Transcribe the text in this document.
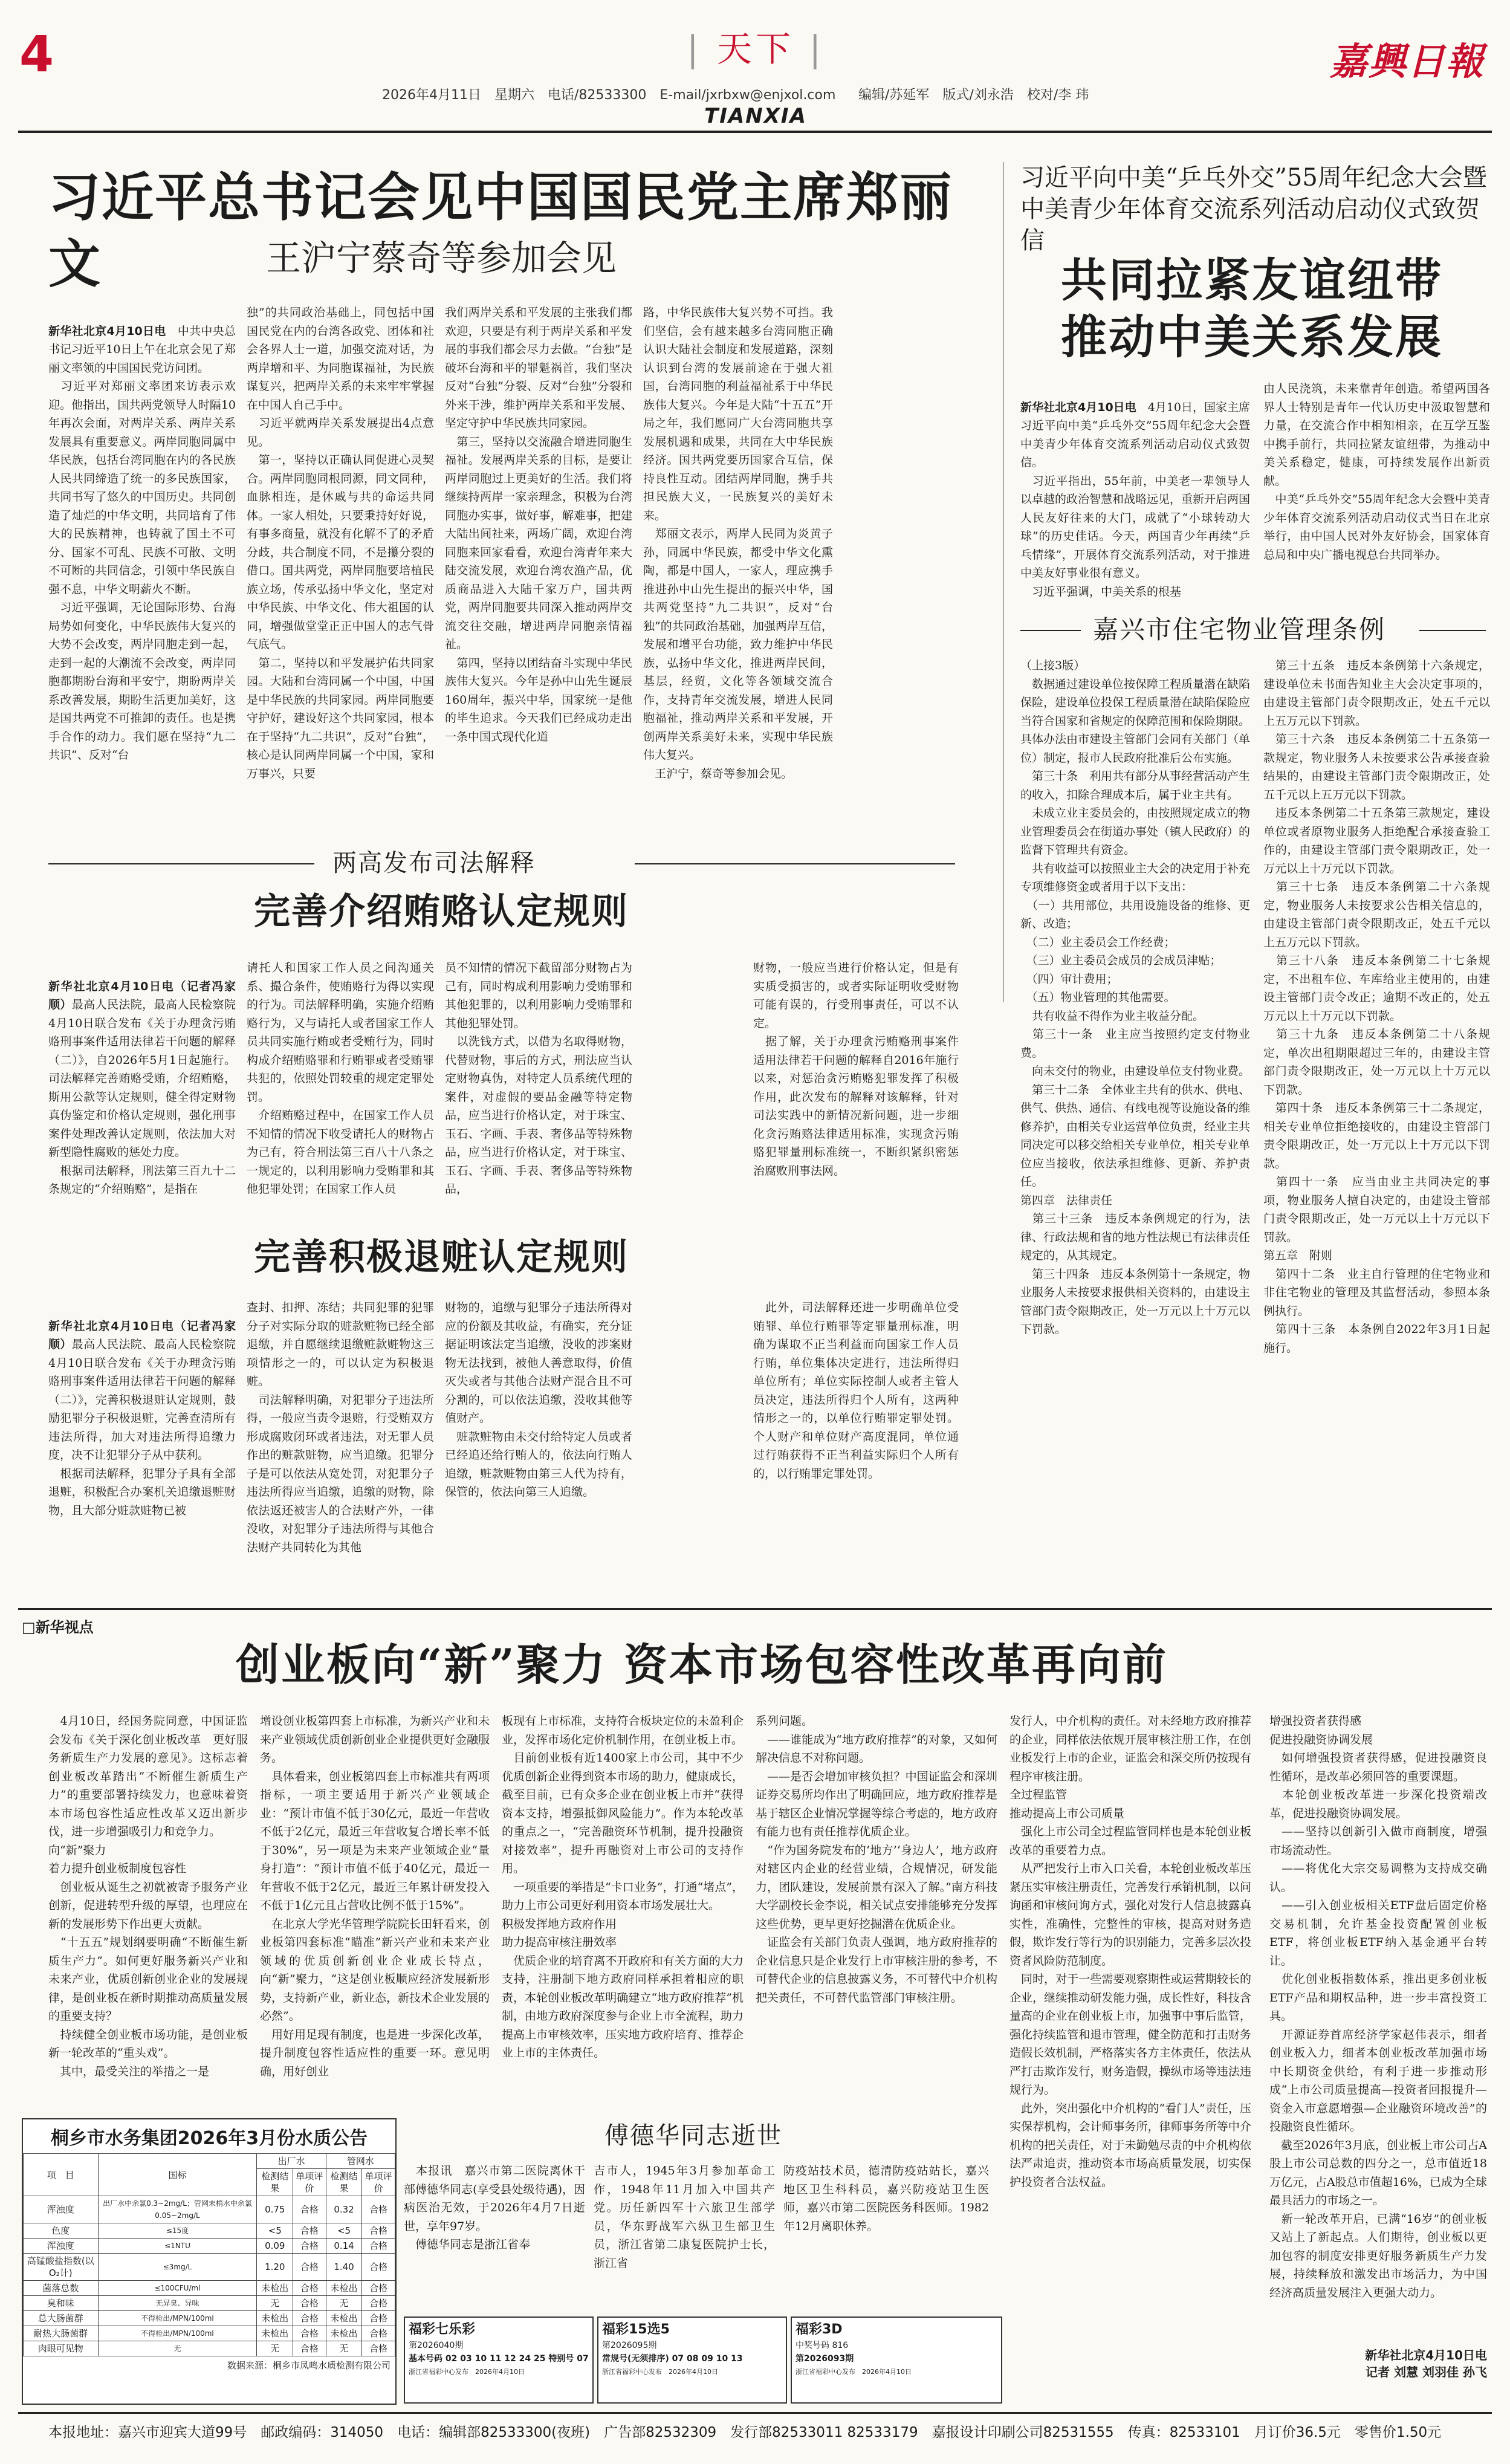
4	| 天下 |
2026年4月11日　星期六　电话/82533300　E-mail/jxrbxw@enjxol.com 编辑/苏延军　版式/刘永浩　校对/李 玮
TIANXIA
嘉興日報
习近平总书记会见中国国民党主席郑丽文	王沪宁蔡奇等参加会见

新华社北京4月10日电　中共中央总书记习近平10日上午在北京会见了郑丽文率领的中国国民党访问团。
　习近平对郑丽文率团来访表示欢迎。他指出，国共两党领导人时隔10年再次会面，对两岸关系、两岸关系发展具有重要意义。两岸同胞同属中华民族，包括台湾同胞在内的各民族人民共同缔造了统一的多民族国家，共同书写了悠久的中国历史。共同创造了灿烂的中华文明，共同培育了伟大的民族精神，也铸就了国土不可分、国家不可乱、民族不可散、文明不可断的共同信念，引领中华民族自强不息，中华文明薪火不断。
　习近平强调，无论国际形势、台海局势如何变化，中华民族伟大复兴的大势不会改变，两岸同胞走到一起，走到一起的大潮流不会改变，两岸同胞都期盼台海和平安宁，期盼两岸关系改善发展，期盼生活更加美好，这是国共两党不可推卸的责任。也是携手合作的动力。我们愿在坚持“九二共识”、反对“台
独”的共同政治基础上，同包括中国国民党在内的台湾各政党、团体和社会各界人士一道，加强交流对话，为两岸增和平、为同胞谋福祉，为民族谋复兴，把两岸关系的未来牢牢掌握在中国人自己手中。
　习近平就两岸关系发展提出4点意见。
　第一，坚持以正确认同促进心灵契合。两岸同胞同根同源，同文同种，血脉相连，是休戚与共的命运共同体。一家人相处，只要秉持好好说，有事多商量，就没有化解不了的矛盾分歧，共合制度不同，不是攥分裂的借口。国共两党，两岸同胞要培植民族立场，传承弘扬中华文化，坚定对中华民族、中华文化、伟大祖国的认同，增强做堂堂正正中国人的志气骨气底气。
　第二，坚持以和平发展护佑共同家园。大陆和台湾同属一个中国，中国是中华民族的共同家园。两岸同胞要守护好，建设好这个共同家园，根本在于坚持“九二共识”，反对“台独”，核心是认同两岸同属一个中国，家和万事兴，只要
我们两岸关系和平发展的主张我们都欢迎，只要是有利于两岸关系和平发展的事我们都会尽力去做。“台独”是破坏台海和平的罪魁祸首，我们坚决反对“台独”分裂、反对“台独”分裂和外来干涉，维护两岸关系和平发展、坚定守护中华民族共同家园。
　第三，坚持以交流融合增进同胞生福祉。发展两岸关系的目标，是要让两岸同胞过上更美好的生活。我们将继续持两岸一家亲理念，积极为台湾同胞办实事，做好事，解难事，把建大陆出间社来，两场广阔，欢迎台湾同胞来回家看看，欢迎台湾青年来大陆交流发展，欢迎台湾农渔产品，优质商品进入大陆千家万户，国共两党，两岸同胞要共同深入推动两岸交流交往交融，增进两岸同胞亲情福祉。
　第四，坚持以团结奋斗实现中华民族伟大复兴。今年是孙中山先生诞辰160周年，振兴中华，国家统一是他的毕生追求。今天我们已经成功走出一条中国式现代化道
路，中华民族伟大复兴势不可挡。我们坚信，会有越来越多台湾同胞正确认识大陆社会制度和发展道路，深刻认识到台湾的发展前途在于强大祖国，台湾同胞的利益福祉系于中华民族伟大复兴。今年是大陆“十五五”开局之年，我们愿同广大台湾同胞共享发展机遇和成果，共同在大中华民族经济。国共两党要历国家合互信，保持良性互动。团结两岸同胞，携手共担民族大义，一民族复兴的美好未来。
　郑丽文表示，两岸人民同为炎黄子孙，同属中华民族，都受中华文化熏陶，都是中国人，一家人，理应携手推进孙中山先生提出的振兴中华，国共两党坚持“九二共识”，反对“台独”的共同政治基础，加强两岸互信，发展和增平台功能，致力维护中华民族，弘扬中华文化，推进两岸民间，基层，经贸，文化等各领域交流合作，支持青年交流发展，增进人民同胞福祉，推动两岸关系和平发展，开创两岸关系美好未来，实现中华民族伟大复兴。
　王沪宁，蔡奇等参加会见。
习近平向中美“乒乓外交”55周年纪念大会暨中美青少年体育交流系列活动启动仪式致贺信
共同拉紧友谊纽带
推动中美关系发展

新华社北京4月10日电　4月10日，国家主席习近平向中美“乒乓外交”55周年纪念大会暨中美青少年体育交流系列活动启动仪式致贺信。
　习近平指出，55年前，中美老一辈领导人以卓越的政治智慧和战略远见，重新开启两国人民友好往来的大门，成就了“小球转动大球”的历史佳话。今天，两国青少年再续“乒乓情缘”，开展体育交流系列活动，对于推进中美友好事业很有意义。
　习近平强调，中美关系的根基
由人民浇筑，未来靠青年创造。希望两国各界人士特别是青年一代认历史中汲取智慧和力量，在交流合作中相知相亲，在互学互鉴中携手前行，共同拉紧友谊纽带，为推动中美关系稳定，健康，可持续发展作出新贡献。
　中美“乒乓外交”55周年纪念大会暨中美青少年体育交流系列活动启动仪式当日在北京举行，由中国人民对外友好协会，国家体育总局和中央广播电视总台共同举办。
两高发布司法解释
完善介绍贿赂认定规则

新华社北京4月10日电（记者冯家顺）最高人民法院，最高人民检察院4月10日联合发布《关于办理贪污贿赂刑事案件适用法律若干问题的解释（二）》，自2026年5月1日起施行。司法解释完善贿赂受贿，介绍贿赂，斯用公款等认定规则，健全得定财物真伪鉴定和价格认定规则，强化刑事案件处理改善认定规则，依法加大对新型隐性腐败的惩处力度。
　根据司法解释，刑法第三百九十二条规定的“介绍贿赂”，是指在
请托人和国家工作人员之间沟通关系、撮合条件，使贿赂行为得以实现的行为。司法解释明确，实施介绍贿赂行为，又与请托人或者国家工作人员共同实施行贿或者受贿行为，同时构成介绍贿赂罪和行贿罪或者受贿罪共犯的，依照处罚较重的规定定罪处罚。
　介绍贿赂过程中，在国家工作人员不知情的情况下收受请托人的财物占为己有，符合刑法第三百八十八条之一规定的，以利用影响力受贿罪和其他犯罪处罚；在国家工作人员
员不知情的情况下截留部分财物占为己有，同时构成利用影响力受贿罪和其他犯罪的，以利用影响力受贿罪和其他犯罪处罚。
　以洗钱方式，以借为名取得财物，代替财物，事后的方式，刑法应当认定财物真伪，对特定人员系统代理的案件，对虚假的要品金融等特定物品，应当进行价格认定，对于珠宝、玉石、字画、手表、奢侈品等特殊物品，应当进行价格认定，对于珠宝、玉石、字画、手表、奢侈品等特殊物品，
财物，一般应当进行价格认定，但是有实质受损害的，或者实际证明收受财物可能有误的，行受刑事责任，可以不认定。
　据了解，关于办理贪污贿赂刑事案件适用法律若干问题的解释自2016年施行以来，对惩治贪污贿赂犯罪发挥了积极作用，此次发布的解释对该解释，针对司法实践中的新情况新问题，进一步细化贪污贿赂法律适用标准，实现贪污贿赂犯罪量刑标准统一，不断织紧织密惩治腐败刑事法网。
完善积极退赃认定规则

新华社北京4月10日电（记者冯家顺）最高人民法院、最高人民检察院4月10日联合发布《关于办理贪污贿赂刑事案件适用法律若干问题的解释（二）》，完善积极退赃认定规则，鼓励犯罪分子积极退赃，完善查清所有违法所得，加大对违法所得追缴力度，决不让犯罪分子从中获利。
　根据司法解释，犯罪分子具有全部退赃，积极配合办案机关追缴退赃财物，且大部分赃款赃物已被
查封、扣押、冻结；共同犯罪的犯罪分子对实际分取的赃款赃物已经全部退缴，并自愿继续退缴赃款赃物这三项情形之一的，可以认定为积极退赃。
　司法解释明确，对犯罪分子违法所得，一般应当责令退赔，行受贿双方形成腐败闭环或者违法，对无罪人员作出的赃款赃物，应当追缴。犯罪分子是可以依法从宽处罚，对犯罪分子违法所得应当追缴，追缴的财物，除依法返还被害人的合法财产外，一律没收，对犯罪分子违法所得与其他合法财产共同转化为其他
财物的，追缴与犯罪分子违法所得对应的份额及其收益，有确实，充分证据证明该法定当追缴，没收的涉案财物无法找到，被他人善意取得，价值灭失或者与其他合法财产混合且不可分割的，可以依法追缴，没收其他等值财产。
　赃款赃物由未交付给特定人员或者已经追还给行贿人的，依法向行贿人追缴，赃款赃物由第三人代为持有，保管的，依法向第三人追缴。
　此外，司法解释还进一步明确单位受贿罪、单位行贿罪等定罪量刑标准，明确为谋取不正当利益而向国家工作人员行贿，单位集体决定进行，违法所得归单位所有；单位实际控制人或者主管人员决定，违法所得归个人所有，这两种情形之一的，以单位行贿罪定罪处罚。个人财产和单位财产高度混同，单位通过行贿获得不正当利益实际归个人所有的，以行贿罪定罪处罚。
嘉兴市住宅物业管理条例
（上接3版）
　数据通过建设单位按保障工程质量潜在缺陷保险，建设单位投保工程质量潜在缺陷保险应当符合国家和省规定的保障范围和保险期限。具体办法由市建设主管部门会同有关部门（单位）制定，报市人民政府批准后公布实施。
　第三十条　利用共有部分从事经营活动产生的收入，扣除合理成本后，属于业主共有。
　未成立业主委员会的，由按照规定成立的物业管理委员会在街道办事处（镇人民政府）的监督下管理共有资金。
　共有收益可以按照业主大会的决定用于补充专项维修资金或者用于以下支出：
　（一）共用部位，共用设施设备的维修、更新、改造；
　（二）业主委员会工作经费；
　（三）业主委员会成员的会成员津贴；
　（四）审计费用；
　（五）物业管理的其他需要。
　共有收益不得作为业主收益分配。
　第三十一条　业主应当按照约定支付物业费。
　向未交付的物业，由建设单位支付物业费。
　第三十二条　全体业主共有的供水、供电、供气、供热、通信、有线电视等设施设备的维修养护，由相关专业运营单位负责，经业主共同决定可以移交给相关专业单位，相关专业单位应当接收，依法承担维修、更新、养护责任。
第四章　法律责任
　第三十三条　违反本条例规定的行为，法律、行政法规和省的地方性法规已有法律责任规定的，从其规定。
　第三十四条　违反本条例第十一条规定，物业服务人未按要求报供相关资料的，由建设主管部门责令限期改正，处一万元以上十万元以下罚款。
　第三十五条　违反本条例第十六条规定，建设单位未书面告知业主大会决定事项的，由建设主管部门责令限期改正，处五千元以上五万元以下罚款。
　第三十六条　违反本条例第二十五条第一款规定，物业服务人未按要求公告承接查验结果的，由建设主管部门责令限期改正，处五千元以上五万元以下罚款。
　违反本条例第二十五条第三款规定，建设单位或者原物业服务人拒绝配合承接查验工作的，由建设主管部门责令限期改正，处一万元以上十万元以下罚款。
　第三十七条　违反本条例第二十六条规定，物业服务人未按要求公告相关信息的，由建设主管部门责令限期改正，处五千元以上五万元以下罚款。
　第三十八条　违反本条例第二十七条规定，不出租车位、车库给业主使用的，由建设主管部门责令改正；逾期不改正的，处五万元以上十万元以下罚款。
　第三十九条　违反本条例第二十八条规定，单次出租期限超过三年的，由建设主管部门责令限期改正，处一万元以上十万元以下罚款。
　第四十条　违反本条例第三十二条规定，相关专业单位拒绝接收的，由建设主管部门责令限期改正，处一万元以上十万元以下罚款。
　第四十一条　应当由业主共同决定的事项，物业服务人擅自决定的，由建设主管部门责令限期改正，处一万元以上十万元以下罚款。
第五章　附则
　第四十二条　业主自行管理的住宅物业和非住宅物业的管理及其监督活动，参照本条例执行。
　第四十三条　本条例自2022年3月1日起施行。
□新华视点
创业板向“新”聚力 资本市场包容性改革再向前
　4月10日，经国务院同意，中国证监会发布《关于深化创业板改革　更好服务新质生产力发展的意见》。这标志着创业板改革踏出“不断催生新质生产力”的重要部署持续发力，也意味着资本市场包容性适应性改革又迈出新步伐，进一步增强吸引力和竞争力。
向“新”聚力
着力提升创业板制度包容性
　创业板从诞生之初就被寄予服务产业创新，促进转型升级的厚望，也理应在新的发展形势下作出更大贡献。
　“十五五”规划纲要明确“不断催生新质生产力”。如何更好服务新兴产业和未来产业，优质创新创业企业的发展规律，是创业板在新时期推动高质量发展的重要支持？
　持续健全创业板市场功能，是创业板新一轮改革的“重头戏”。
　其中，最受关注的举措之一是
增设创业板第四套上市标准，为新兴产业和未来产业领域优质创新创业企业提供更好金融服务。
　具体看来，创业板第四套上市标准共有两项指标，一项主要适用于新兴产业领域企业：“预计市值不低于30亿元，最近一年营收不低于2亿元，最近三年营收复合增长率不低于30%”，另一项是为未来产业领域企业“量身打造”：“预计市值不低于40亿元，最近一年营收不低于2亿元，最近三年累计研发投入不低于1亿元且占营收比例不低于15%”。
　在北京大学光华管理学院院长田轩看来，创业板第四套标准“瞄准”新兴产业和未来产业领域的优质创新创业企业成长特点，向“新”聚力，“这是创业板顺应经济发展新形势，支持新产业，新业态，新技术企业发展的必然”。
　用好用足现有制度，也是进一步深化改革，提升制度包容性适应性的重要一环。意见明确，用好创业
板现有上市标准，支持符合板块定位的未盈利企业，发挥市场化定价机制作用，在创业板上市。
　目前创业板有近1400家上市公司，其中不少优质创新企业得到资本市场的助力，健康成长，截至目前，已有众多企业在创业板上市并“获得资本支持，增强抵御风险能力”。作为本轮改革的重点之一，“完善融资环节机制，提升投融资对接效率”，提升再融资对上市公司的支持作用。
　一项重要的举措是“卡口业务”，打通“堵点”，助力上市公司更好利用资本市场发展壮大。
积极发挥地方政府作用
助力提高审核注册效率
　优质企业的培育离不开政府和有关方面的大力支持，注册制下地方政府同样承担着相应的职责，本轮创业板改革明确建立“地方政府推荐”机制，由地方政府深度参与企业上市全流程，助力提高上市审核效率，压实地方政府培育、推荐企业上市的主体责任。
系列问题。
　——谁能成为“地方政府推荐”的对象，又如何解决信息不对称问题。
　——是否会增加审核负担？中国证监会和深圳证券交易所均作出了明确回应，地方政府推荐是基于辖区企业情况掌握等综合考虑的，地方政府有能力也有责任推荐优质企业。
　“作为国务院发布的‘地方’‘身边人’，地方政府对辖区内企业的经营业绩，合规情况，研发能力，团队建设，发展前景有深入了解。”南方科技大学副校长金李说，相关试点安排能够充分发挥这些优势，更早更好挖掘潜在优质企业。
　证监会有关部门负责人强调，地方政府推荐的企业信息只是企业发行上市审核注册的参考，不可替代企业的信息披露义务，不可替代中介机构把关责任，不可替代监管部门审核注册。
发行人，中介机构的责任。对未经地方政府推荐的企业，同样依法依规开展审核注册工作，在创业板发行上市的企业，证监会和深交所仍按现有程序审核注册。
全过程监管
推动提高上市公司质量
　强化上市公司全过程监管同样也是本轮创业板改革的重要着力点。
　从严把发行上市入口关看，本轮创业板改革压紧压实审核注册责任，完善发行承销机制，以问询函和审核问询方式，强化对发行人信息披露真实性，准确性，完整性的审核，提高对财务造假，欺诈发行等行为的识别能力，完善多层次投资者风险防范制度。
　同时，对于一些需要观察期性或运营期较长的企业，继续推动研发能力强，成长性好，科技含量高的企业在创业板上市，加强事中事后监管，强化持续监管和退市管理，健全防范和打击财务造假长效机制，严格落实各方主体责任，依法从严打击欺诈发行，财务造假，操纵市场等违法违规行为。
　此外，突出强化中介机构的“看门人”责任，压实保荐机构，会计师事务所，律师事务所等中介机构的把关责任，对于未勤勉尽责的中介机构依法严肃追责，推动资本市场高质量发展，切实保护投资者合法权益。
增强投资者获得感
促进投融资协调发展
　如何增强投资者获得感，促进投融资良性循环，是改革必须回答的重要课题。
　本轮创业板改革进一步深化投资端改革，促进投融资协调发展。
　——坚持以创新引入做市商制度，增强市场流动性。
　——将优化大宗交易调整为支持成交确认。
　——引入创业板相关ETF盘后固定价格交易机制，允许基金投资配置创业板ETF，将创业板ETF纳入基金通平台转让。
　优化创业板指数体系，推出更多创业板ETF产品和期权品种，进一步丰富投资工具。
　开源证券首席经济学家赵伟表示，细者创业板入力，细者本创业板改革加强市场中长期资金供给，有利于进一步推动形成“上市公司质量提高—投资者回报提升—资金入市意愿增强—企业融资环境改善”的投融资良性循环。
　截至2026年3月底，创业板上市公司占A股上市公司总数的四分之一，总市值近18万亿元，占A股总市值超16%，已成为全球最具活力的市场之一。
　新一轮改革开启，已满“16岁”的创业板又站上了新起点。人们期待，创业板以更加包容的制度安排更好服务新质生产力发展，持续释放和激发出市场活力，为中国经济高质量发展注入更强大动力。
新华社北京4月10日电
记者 刘慧 刘羽佳 孙飞
桐乡市水务集团2026年3月份水质公告
项　目	国标	出厂水		管网水	
		检测结果	单项评价	检测结果	单项评价
浑浊度	出厂水中余氯0.3~2mg/L；管网末梢水中余氯0.05~2mg/L	0.75	合格	0.32	合格
色度	≤15度	<5	合格	<5	合格
浑浊度	≤1NTU	0.09	合格	0.14	合格
高锰酸盐指数(以O₂计)	≤3mg/L	1.20	合格	1.40	合格
菌落总数	≤100CFU/ml	未检出	合格	未检出	合格
臭和味	无异臭、异味	无	合格	无	合格
总大肠菌群	不得检出/MPN/100ml	未检出	合格	未检出	合格
耐热大肠菌群	不得检出/MPN/100ml	未检出	合格	未检出	合格
肉眼可见物	无	无	合格	无	合格
数据来源：桐乡市凤鸣水质检测有限公司
傅德华同志逝世
　本报讯　嘉兴市第二医院离休干部傅德华同志(享受县处级待遇)，因病医治无效，于2026年4月7日逝世，享年97岁。
　傅德华同志是浙江省奉
吉市人，1945年3月参加革命工作，1948年11月加入中国共产党。历任新四军十六旅卫生部学员，华东野战军六纵卫生部卫生员，浙江省第二康复医院护士长，浙江省
防疫站技术员，德清防疫站站长，嘉兴地区卫生科科员，嘉兴防疫站卫生医师，嘉兴市第二医院医务科医师。1982年12月离职休养。
福彩七乐彩
第2026040期
基本号码 02 03 10 11 12 24 25 特别号 07
浙江省福彩中心发布　2026年4月10日
福彩15选5
第2026095期
常规号(无须排序) 07 08 09 10 13
浙江省福彩中心发布　2026年4月10日
福彩3D
中奖号码 816
第2026093期
浙江省福彩中心发布　2026年4月10日
本报地址：嘉兴市迎宾大道99号　邮政编码：314050　电话：编辑部82533300(夜班)　广告部82532309　发行部82533011 82533179　嘉报设计印刷公司82531555　传真：82533101　月订价36.5元　零售价1.50元
